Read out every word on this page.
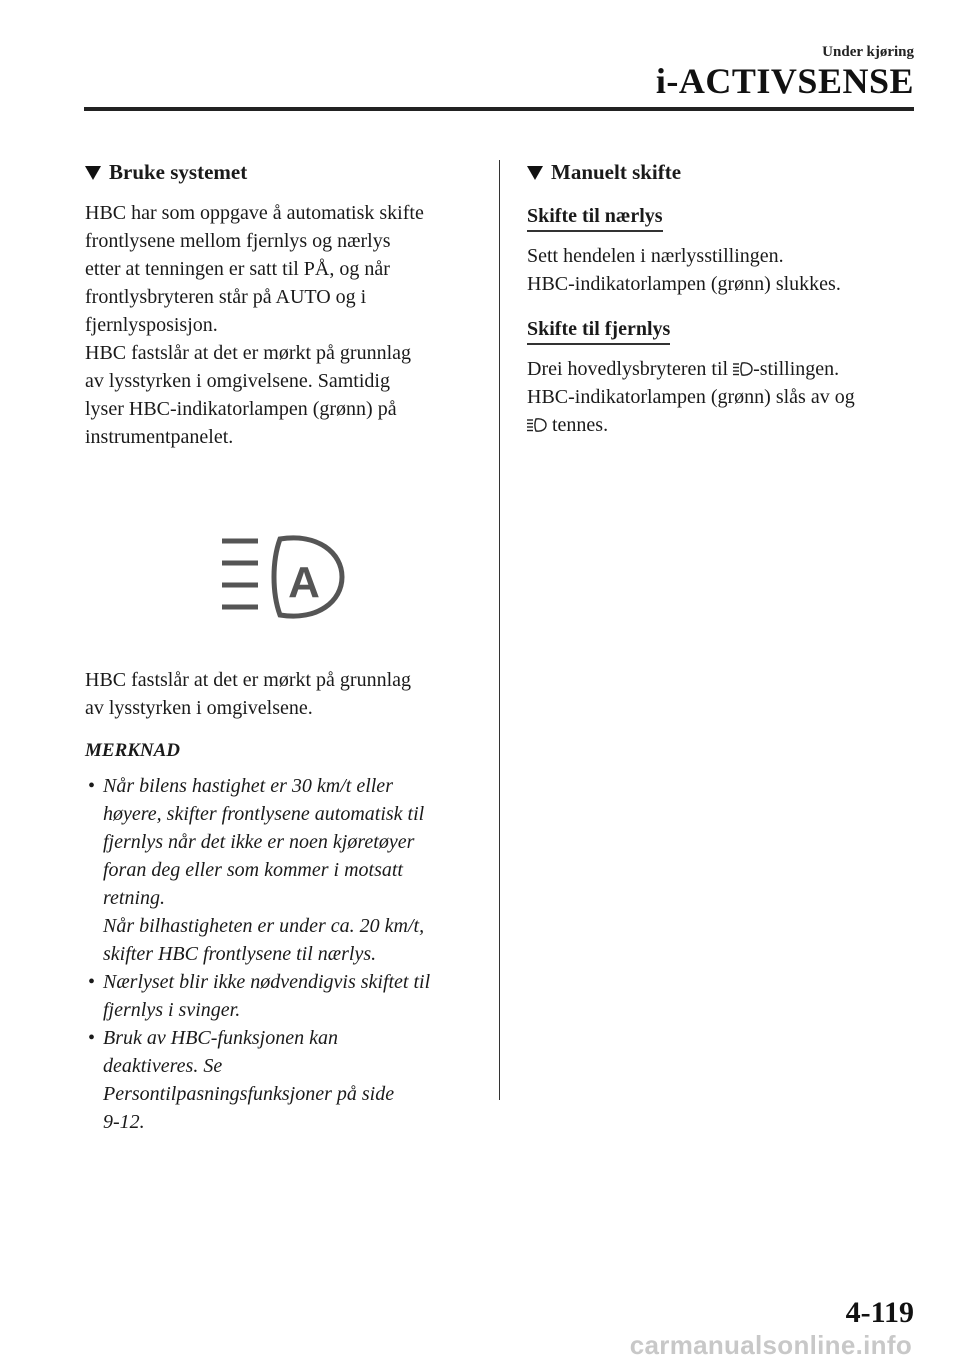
Under kjøring
i-ACTIVSENSE
Bruke systemet

HBC har som oppgave å automatisk skifte
frontlysene mellom fjernlys og nærlys
etter at tenningen er satt til PÅ, og når
frontlysbryteren står på AUTO og i
fjernlysposisjon.
HBC fastslår at det er mørkt på grunnlag
av lysstyrken i omgivelsene. Samtidig
lyser HBC-indikatorlampen (grønn) på
instrumentpanelet.

A

HBC fastslår at det er mørkt på grunnlag
av lysstyrken i omgivelsene.

MERKNAD
• Når bilens hastighet er 30 km/t eller
høyere, skifter frontlysene automatisk til
fjernlys når det ikke er noen kjøretøyer
foran deg eller som kommer i motsatt
retning.
Når bilhastigheten er under ca. 20 km/t,
skifter HBC frontlysene til nærlys.
• Nærlyset blir ikke nødvendigvis skiftet til
fjernlys i svinger.
• Bruk av HBC-funksjonen kan
deaktiveres. Se
Persontilpasningsfunksjoner på side
9-12.
Manuelt skifte
Skifte til nærlys

Sett hendelen i nærlysstillingen.
HBC-indikatorlampen (grønn) slukkes.

Skifte til fjernlys

Drei hovedlysbryteren til -stillingen.
HBC-indikatorlampen (grønn) slås av og
tennes.

4-119
carmanualsonline.info
